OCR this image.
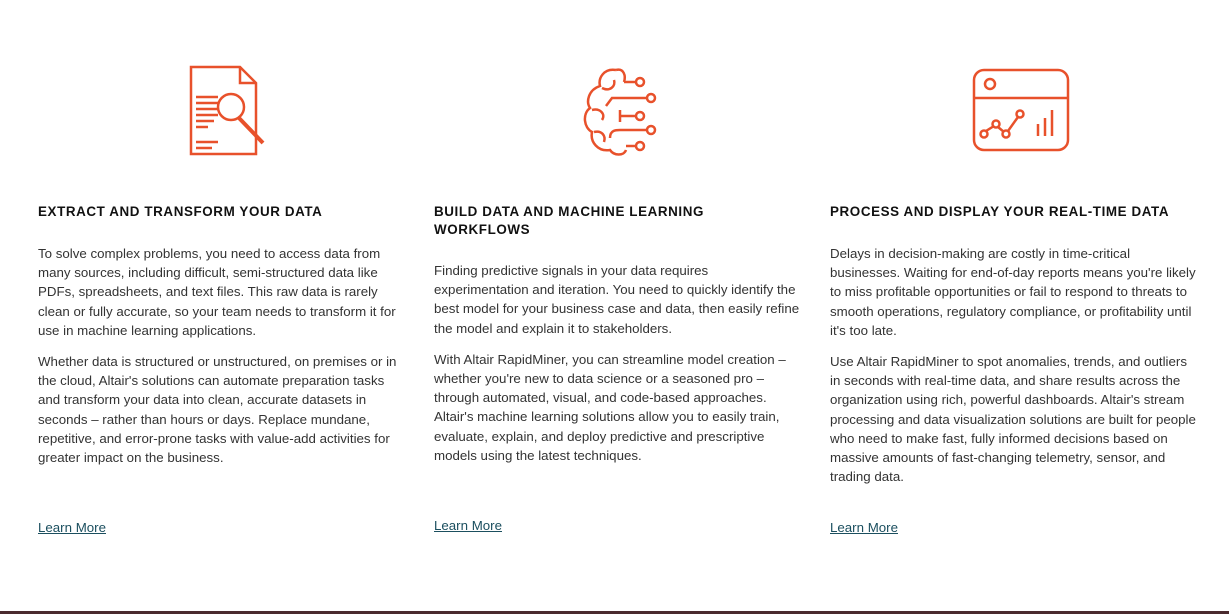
EXTRACT AND TRANSFORM YOUR DATA

To solve complex problems, you need to access data from many sources, including difficult, semi-structured data like PDFs, spreadsheets, and text files. This raw data is rarely clean or fully accurate, so your team needs to transform it for use in machine learning applications.

Whether data is structured or unstructured, on premises or in the cloud, Altair's solutions can automate preparation tasks and transform your data into clean, accurate datasets in seconds – rather than hours or days. Replace mundane, repetitive, and error-prone tasks with value-add activities for greater impact on the business.

Learn More
BUILD DATA AND MACHINE LEARNING WORKFLOWS

Finding predictive signals in your data requires experimentation and iteration. You need to quickly identify the best model for your business case and data, then easily refine the model and explain it to stakeholders.

With Altair RapidMiner, you can streamline model creation – whether you're new to data science or a seasoned pro – through automated, visual, and code-based approaches. Altair's machine learning solutions allow you to easily train, evaluate, explain, and deploy predictive and prescriptive models using the latest techniques.

Learn More
PROCESS AND DISPLAY YOUR REAL-TIME DATA

Delays in decision-making are costly in time-critical businesses. Waiting for end-of-day reports means you're likely to miss profitable opportunities or fail to respond to threats to smooth operations, regulatory compliance, or profitability until it's too late.

Use Altair RapidMiner to spot anomalies, trends, and outliers in seconds with real-time data, and share results across the organization using rich, powerful dashboards. Altair's stream processing and data visualization solutions are built for people who need to make fast, fully informed decisions based on massive amounts of fast-changing telemetry, sensor, and trading data.

Learn More
